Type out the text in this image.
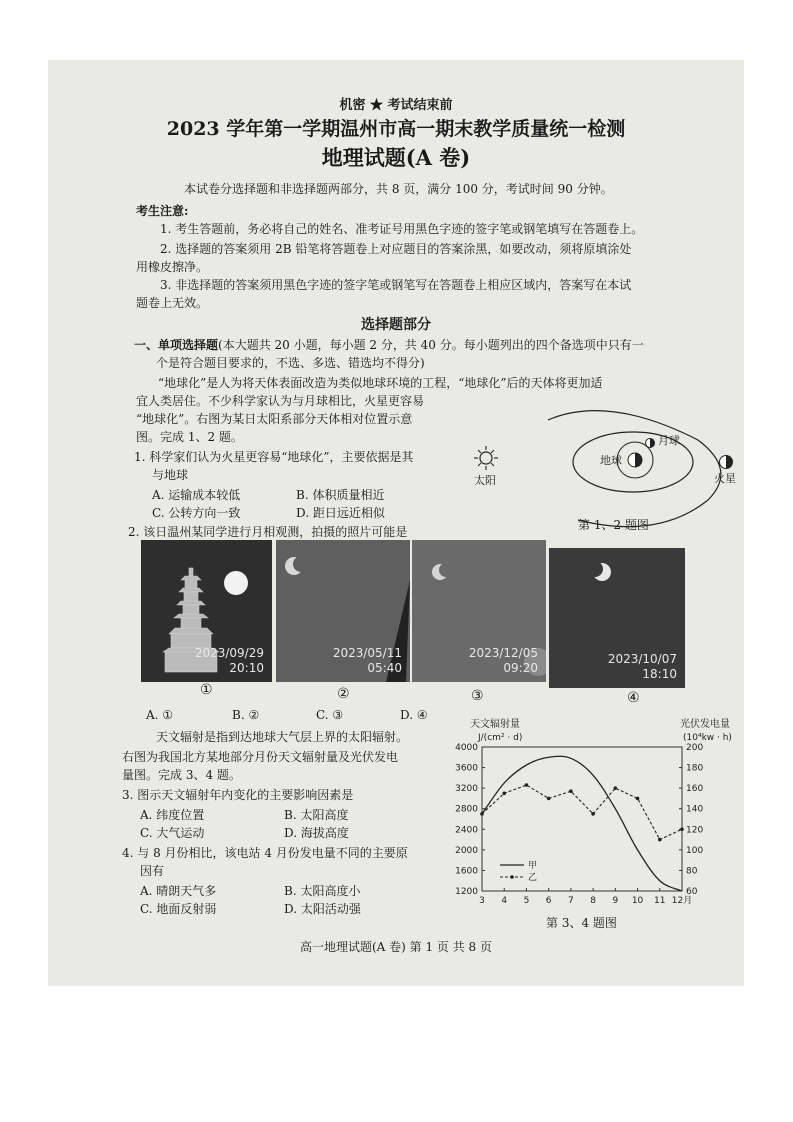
机密 ★ 考试结束前
2023 学年第一学期温州市高一期末教学质量统一检测
地理试题(A 卷)
本试卷分选择题和非选择题两部分，共 8 页，满分 100 分，考试时间 90 分钟。
考生注意:
1. 考生答题前，务必将自己的姓名、准考证号用黑色字迹的签字笔或钢笔填写在答题卷上。
2. 选择题的答案须用 2B 铅笔将答题卷上对应题目的答案涂黑，如要改动，须将原填涂处
用橡皮擦净。
3. 非选择题的答案须用黑色字迹的签字笔或钢笔写在答题卷上相应区域内，答案写在本试
题卷上无效。
选择题部分
一、单项选择题(本大题共 20 小题，每小题 2 分，共 40 分。每小题列出的四个备选项中只有一
个是符合题目要求的，不选、多选、错选均不得分)
“地球化”是人为将天体表面改造为类似地球环境的工程，“地球化”后的天体将更加适
宜人类居住。不少科学家认为与月球相比，火星更容易
“地球化”。右图为某日太阳系部分天体相对位置示意
图。完成 1、2 题。
1. 科学家们认为火星更容易“地球化”，主要依据是其
与地球
A. 运输成本较低	B. 体积质量相近
C. 公转方向一致	D. 距日远近相似
太阳
地球
月球
火星
第 1、2 题图
2. 该日温州某同学进行月相观测，拍摄的照片可能是
2023/09/29
20:10
2023/05/11
05:40
2023/12/05
09:20
2023/10/07
18:10
①	②	③	④
A. ①	B. ②	C. ③	D. ④
天文辐射是指到达地球大气层上界的太阳辐射。
右图为我国北方某地部分月份天文辐射量及光伏发电
量图。完成 3、4 题。
3. 图示天文辐射年内变化的主要影响因素是
A. 纬度位置	B. 太阳高度
C. 大气运动	D. 海拔高度
4. 与 8 月份相比，该电站 4 月份发电量不同的主要原
因有
A. 晴朗天气多	B. 太阳高度小
C. 地面反射弱	D. 太阳活动强
天文辐射量
J/(cm² · d)
光伏发电量
(10⁴kw · h)
1200
1600
2000
2400
2800
3200
3600
4000
60
80
100
120
140
160
180
200
3 4 5 6 7 8 9 10 11 12月
甲
乙
第 3、4 题图
高一地理试题(A 卷) 第 1 页 共 8 页
